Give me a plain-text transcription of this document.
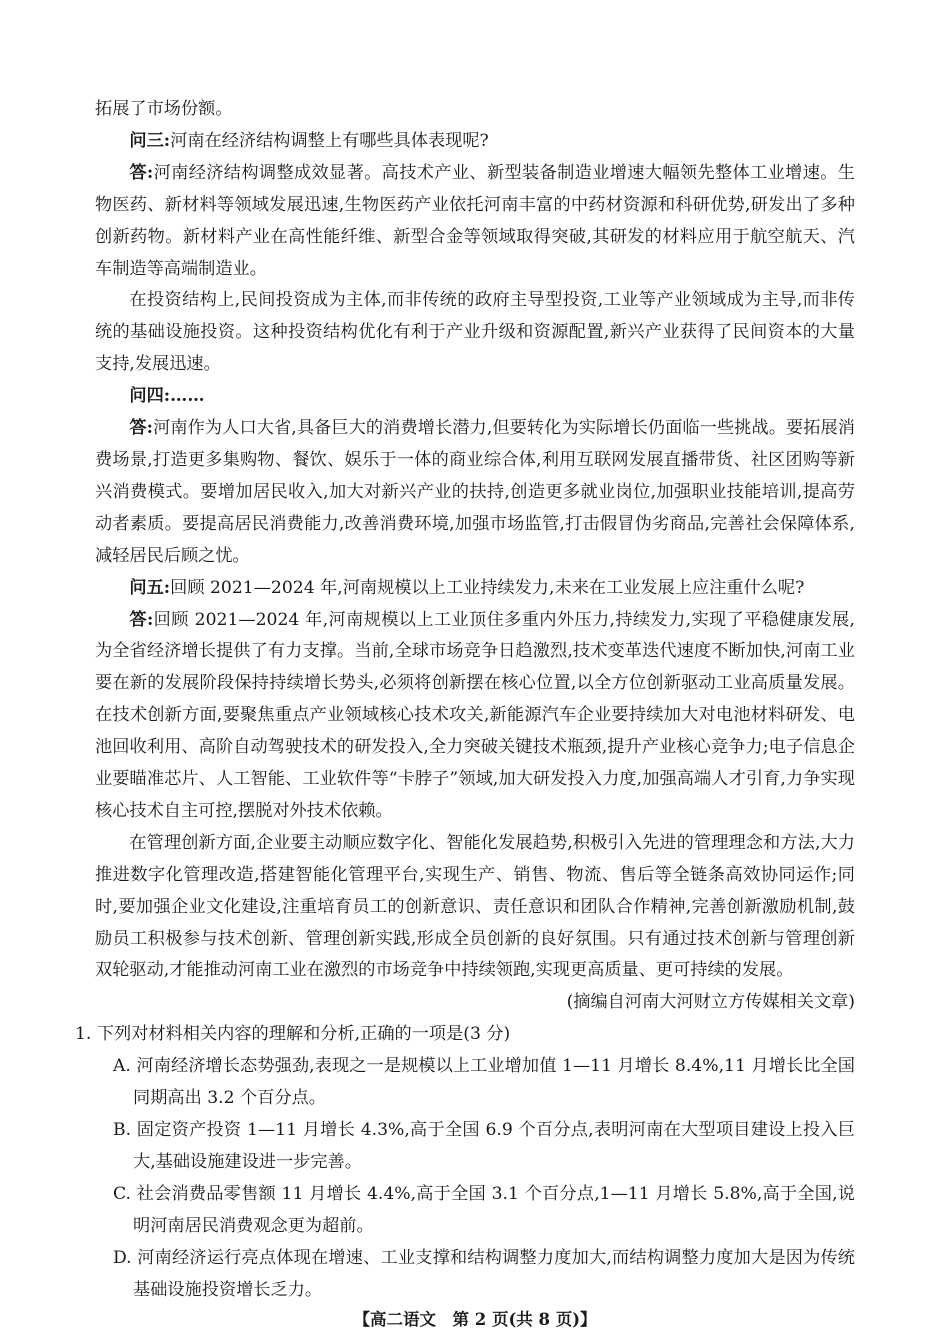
拓展了市场份额。

问三:河南在经济结构调整上有哪些具体表现呢?

答:河南经济结构调整成效显著。高技术产业、新型装备制造业增速大幅领先整体工业增速。生物医药、新材料等领域发展迅速,生物医药产业依托河南丰富的中药材资源和科研优势,研发出了多种创新药物。新材料产业在高性能纤维、新型合金等领域取得突破,其研发的材料应用于航空航天、汽车制造等高端制造业。

在投资结构上,民间投资成为主体,而非传统的政府主导型投资,工业等产业领域成为主导,而非传统的基础设施投资。这种投资结构优化有利于产业升级和资源配置,新兴产业获得了民间资本的大量支持,发展迅速。

问四:……

答:河南作为人口大省,具备巨大的消费增长潜力,但要转化为实际增长仍面临一些挑战。要拓展消费场景,打造更多集购物、餐饮、娱乐于一体的商业综合体,利用互联网发展直播带货、社区团购等新兴消费模式。要增加居民收入,加大对新兴产业的扶持,创造更多就业岗位,加强职业技能培训,提高劳动者素质。要提高居民消费能力,改善消费环境,加强市场监管,打击假冒伪劣商品,完善社会保障体系,减轻居民后顾之忧。

问五:回顾 2021—2024 年,河南规模以上工业持续发力,未来在工业发展上应注重什么呢?

答:回顾 2021—2024 年,河南规模以上工业顶住多重内外压力,持续发力,实现了平稳健康发展,为全省经济增长提供了有力支撑。当前,全球市场竞争日趋激烈,技术变革迭代速度不断加快,河南工业要在新的发展阶段保持持续增长势头,必须将创新摆在核心位置,以全方位创新驱动工业高质量发展。在技术创新方面,要聚焦重点产业领域核心技术攻关,新能源汽车企业要持续加大对电池材料研发、电池回收利用、高阶自动驾驶技术的研发投入,全力突破关键技术瓶颈,提升产业核心竞争力;电子信息企业要瞄准芯片、人工智能、工业软件等“卡脖子”领域,加大研发投入力度,加强高端人才引育,力争实现核心技术自主可控,摆脱对外技术依赖。

在管理创新方面,企业要主动顺应数字化、智能化发展趋势,积极引入先进的管理理念和方法,大力推进数字化管理改造,搭建智能化管理平台,实现生产、销售、物流、售后等全链条高效协同运作;同时,要加强企业文化建设,注重培育员工的创新意识、责任意识和团队合作精神,完善创新激励机制,鼓励员工积极参与技术创新、管理创新实践,形成全员创新的良好氛围。只有通过技术创新与管理创新双轮驱动,才能推动河南工业在激烈的市场竞争中持续领跑,实现更高质量、更可持续的发展。

(摘编自河南大河财立方传媒相关文章)

1. 下列对材料相关内容的理解和分析,正确的一项是(3 分)

A. 河南经济增长态势强劲,表现之一是规模以上工业增加值 1—11 月增长 8.4%,11 月增长比全国同期高出 3.2 个百分点。

B. 固定资产投资 1—11 月增长 4.3%,高于全国 6.9 个百分点,表明河南在大型项目建设上投入巨大,基础设施建设进一步完善。

C. 社会消费品零售额 11 月增长 4.4%,高于全国 3.1 个百分点,1—11 月增长 5.8%,高于全国,说明河南居民消费观念更为超前。

D. 河南经济运行亮点体现在增速、工业支撑和结构调整力度加大,而结构调整力度加大是因为传统基础设施投资增长乏力。

【高二语文　第 2 页(共 8 页)】
